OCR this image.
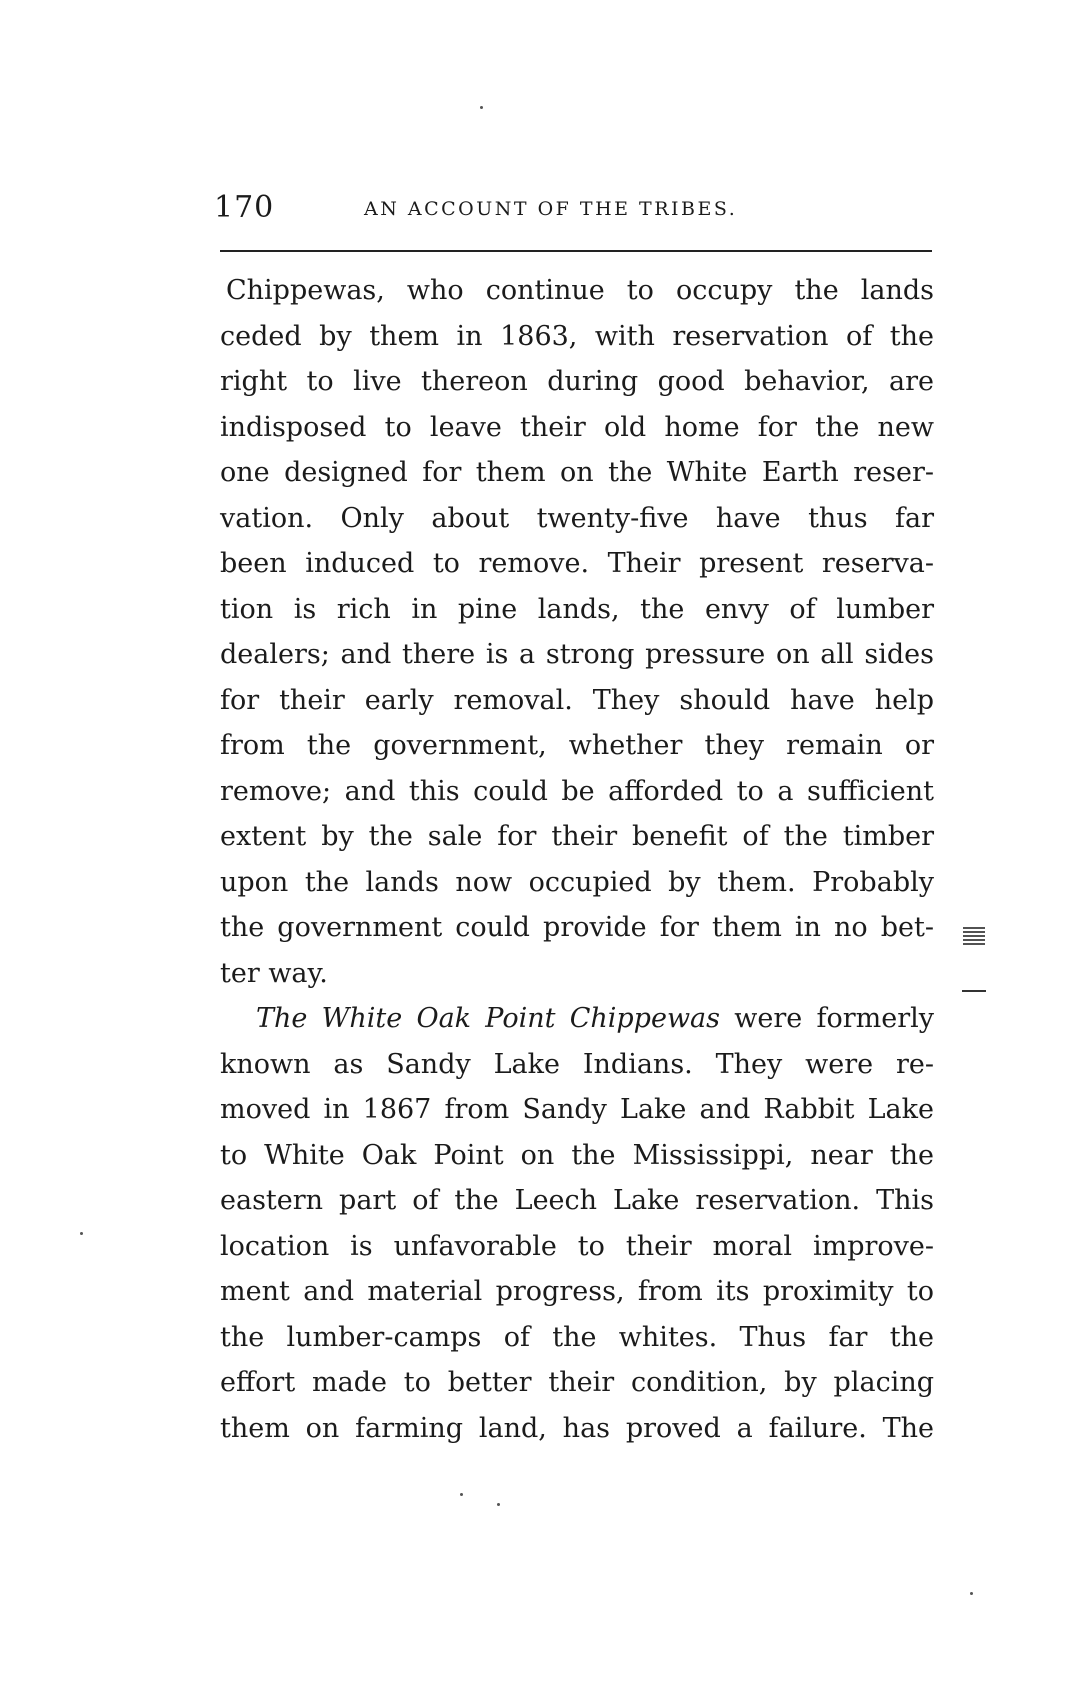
170	AN ACCOUNT OF THE TRIBES.
Chippewas, who continue to occupy the lands
ceded by them in 1863, with reservation of the
right to live thereon during good behavior, are
indisposed to leave their old home for the new
one designed for them on the White Earth reser-
vation. Only about twenty-five have thus far
been induced to remove. Their present reserva-
tion is rich in pine lands, the envy of lumber
dealers; and there is a strong pressure on all sides
for their early removal. They should have help
from the government, whether they remain or
remove; and this could be afforded to a sufficient
extent by the sale for their benefit of the timber
upon the lands now occupied by them. Probably
the government could provide for them in no bet-
ter way.
The White Oak Point Chippewas were formerly
known as Sandy Lake Indians. They were re-
moved in 1867 from Sandy Lake and Rabbit Lake
to White Oak Point on the Mississippi, near the
eastern part of the Leech Lake reservation. This
location is unfavorable to their moral improve-
ment and material progress, from its proximity to
the lumber-camps of the whites. Thus far the
effort made to better their condition, by placing
them on farming land, has proved a failure. The
